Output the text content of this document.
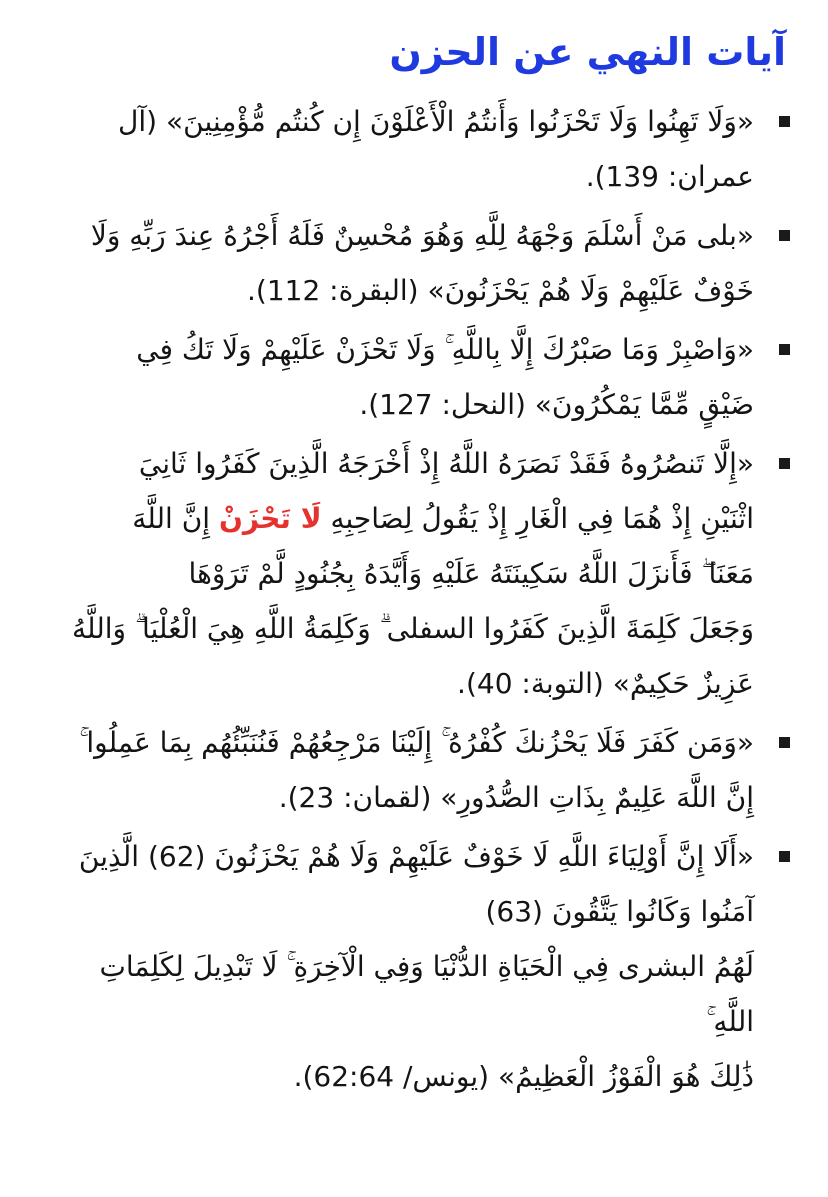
آيات النهي عن الحزن
«وَلَا تَهِنُوا وَلَا تَحْزَنُوا وَأَنتُمُ الْأَعْلَوْنَ إِن كُنتُم مُّؤْمِنِينَ» (آل
عمران: 139).
«بلى مَنْ أَسْلَمَ وَجْهَهُ لِلَّهِ وَهُوَ مُحْسِنٌ فَلَهُ أَجْرُهُ عِندَ رَبِّهِ وَلَا
خَوْفٌ عَلَيْهِمْ وَلَا هُمْ يَحْزَنُونَ» (البقرة: 112).
«وَاصْبِرْ وَمَا صَبْرُكَ إِلَّا بِاللَّهِ ۚ وَلَا تَحْزَنْ عَلَيْهِمْ وَلَا تَكُ فِي
ضَيْقٍ مِّمَّا يَمْكُرُونَ» (النحل: 127).
«إِلَّا تَنصُرُوهُ فَقَدْ نَصَرَهُ اللَّهُ إِذْ أَخْرَجَهُ الَّذِينَ كَفَرُوا ثَانِيَ
اثْنَيْنِ إِذْ هُمَا فِي الْغَارِ إِذْ يَقُولُ لِصَاحِبِهِ لَا تَحْزَنْ إِنَّ اللَّهَ
مَعَنَا ۖ فَأَنزَلَ اللَّهُ سَكِينَتَهُ عَلَيْهِ وَأَيَّدَهُ بِجُنُودٍ لَّمْ تَرَوْهَا
وَجَعَلَ كَلِمَةَ الَّذِينَ كَفَرُوا السفلى ۗ وَكَلِمَةُ اللَّهِ هِيَ الْعُلْيَا ۗ وَاللَّهُ
عَزِيزٌ حَكِيمٌ» (التوبة: 40).
«وَمَن كَفَرَ فَلَا يَحْزُنكَ كُفْرُهُ ۚ إِلَيْنَا مَرْجِعُهُمْ فَنُنَبِّئُهُم بِمَا عَمِلُوا ۚ
إِنَّ اللَّهَ عَلِيمٌ بِذَاتِ الصُّدُورِ» (لقمان: 23).
«أَلَا إِنَّ أَوْلِيَاءَ اللَّهِ لَا خَوْفٌ عَلَيْهِمْ وَلَا هُمْ يَحْزَنُونَ (62) الَّذِينَ
آمَنُوا وَكَانُوا يَتَّقُونَ (63)
لَهُمُ البشرى فِي الْحَيَاةِ الدُّنْيَا وَفِي الْآخِرَةِ ۚ لَا تَبْدِيلَ لِكَلِمَاتِ
اللَّهِ ۚ
ذَٰلِكَ هُوَ الْفَوْزُ الْعَظِيمُ» (يونس/ 62:64).
